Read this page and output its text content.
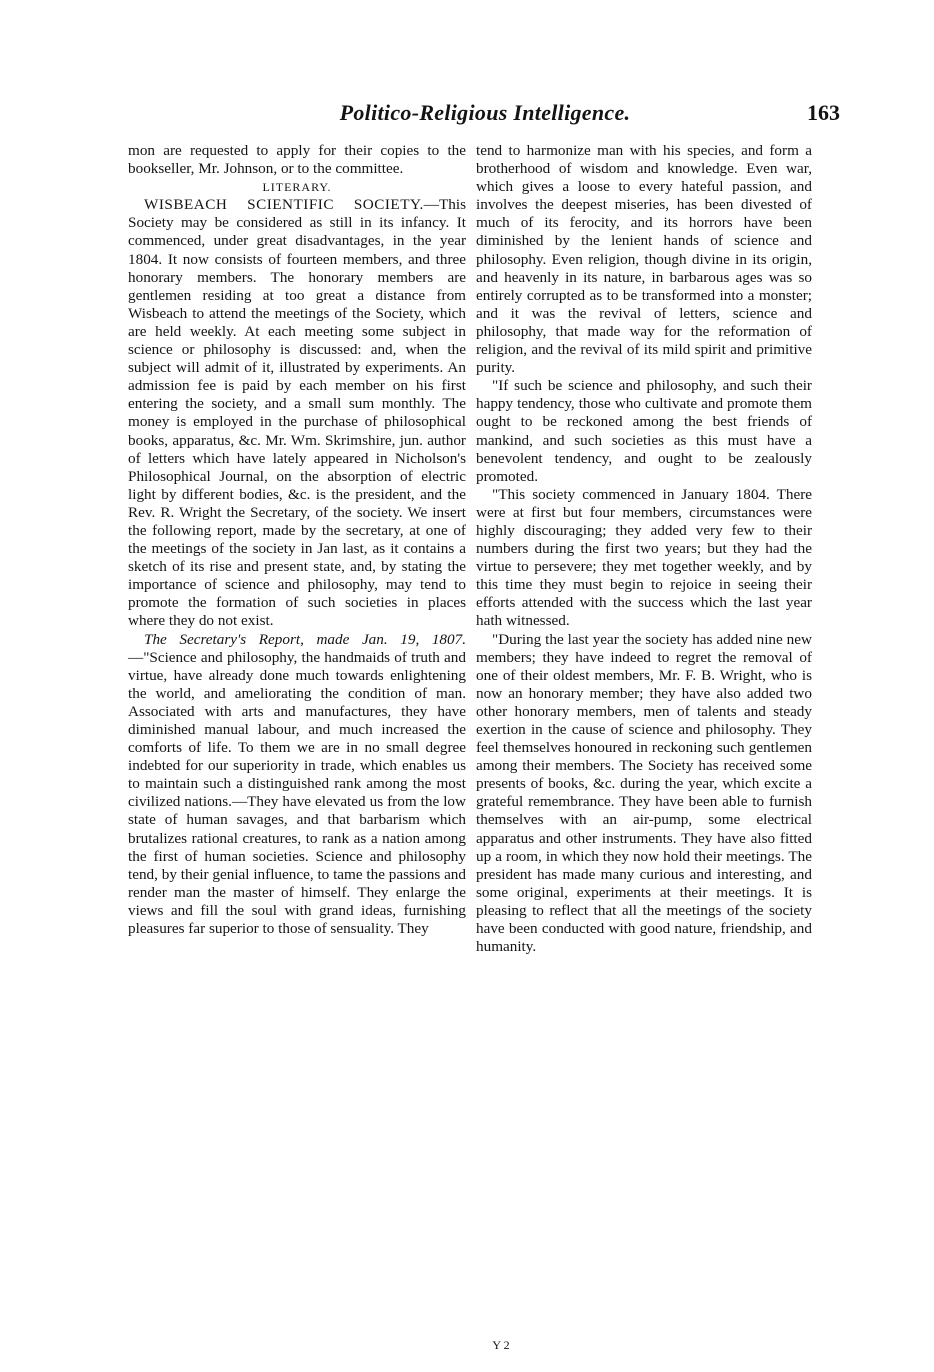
Politico-Religious Intelligence.	163

mon are requested to apply for their copies to the bookseller, Mr. Johnson, or to the committee.

LITERARY.

WISBEACH SCIENTIFIC SOCIETY.—This Society may be considered as still in its infancy. It commenced, under great disadvantages, in the year 1804. It now consists of fourteen members, and three honorary members. The honorary members are gentlemen residing at too great a distance from Wisbeach to attend the meetings of the Society, which are held weekly. At each meeting some subject in science or philosophy is discussed: and, when the subject will admit of it, illustrated by experiments. An admission fee is paid by each member on his first entering the society, and a small sum monthly. The money is employed in the purchase of philosophical books, apparatus, &c. Mr. Wm. Skrimshire, jun. author of letters which have lately appeared in Nicholson's Philosophical Journal, on the absorption of electric light by different bodies, &c. is the president, and the Rev. R. Wright the Secretary, of the society. We insert the following report, made by the secretary, at one of the meetings of the society in Jan last, as it contains a sketch of its rise and present state, and, by stating the importance of science and philosophy, may tend to promote the formation of such societies in places where they do not exist.

The Secretary's Report, made Jan. 19, 1807.—"Science and philosophy, the handmaids of truth and virtue, have already done much towards enlightening the world, and ameliorating the condition of man. Associated with arts and manufactures, they have diminished manual labour, and much increased the comforts of life. To them we are in no small degree indebted for our superiority in trade, which enables us to maintain such a distinguished rank among the most civilized nations.—They have elevated us from the low state of human savages, and that barbarism which brutalizes rational creatures, to rank as a nation among the first of human societies. Science and philosophy tend, by their genial influence, to tame the passions and render man the master of himself. They enlarge the views and fill the soul with grand ideas, furnishing pleasures far superior to those of sensuality. They

tend to harmonize man with his species, and form a brotherhood of wisdom and knowledge. Even war, which gives a loose to every hateful passion, and involves the deepest miseries, has been divested of much of its ferocity, and its horrors have been diminished by the lenient hands of science and philosophy. Even religion, though divine in its origin, and heavenly in its nature, in barbarous ages was so entirely corrupted as to be transformed into a monster; and it was the revival of letters, science and philosophy, that made way for the reformation of religion, and the revival of its mild spirit and primitive purity.

"If such be science and philosophy, and such their happy tendency, those who cultivate and promote them ought to be reckoned among the best friends of mankind, and such societies as this must have a benevolent tendency, and ought to be zealously promoted.

"This society commenced in January 1804. There were at first but four members, circumstances were highly discouraging; they added very few to their numbers during the first two years; but they had the virtue to persevere; they met together weekly, and by this time they must begin to rejoice in seeing their efforts attended with the success which the last year hath witnessed.

"During the last year the society has added nine new members; they have indeed to regret the removal of one of their oldest members, Mr. F. B. Wright, who is now an honorary member; they have also added two other honorary members, men of talents and steady exertion in the cause of science and philosophy. They feel themselves honoured in reckoning such gentlemen among their members. The Society has received some presents of books, &c. during the year, which excite a grateful remembrance. They have been able to furnish themselves with an air-pump, some electrical apparatus and other instruments. They have also fitted up a room, in which they now hold their meetings. The president has made many curious and interesting, and some original, experiments at their meetings. It is pleasing to reflect that all the meetings of the society have been conducted with good nature, friendship, and humanity.

Y 2
